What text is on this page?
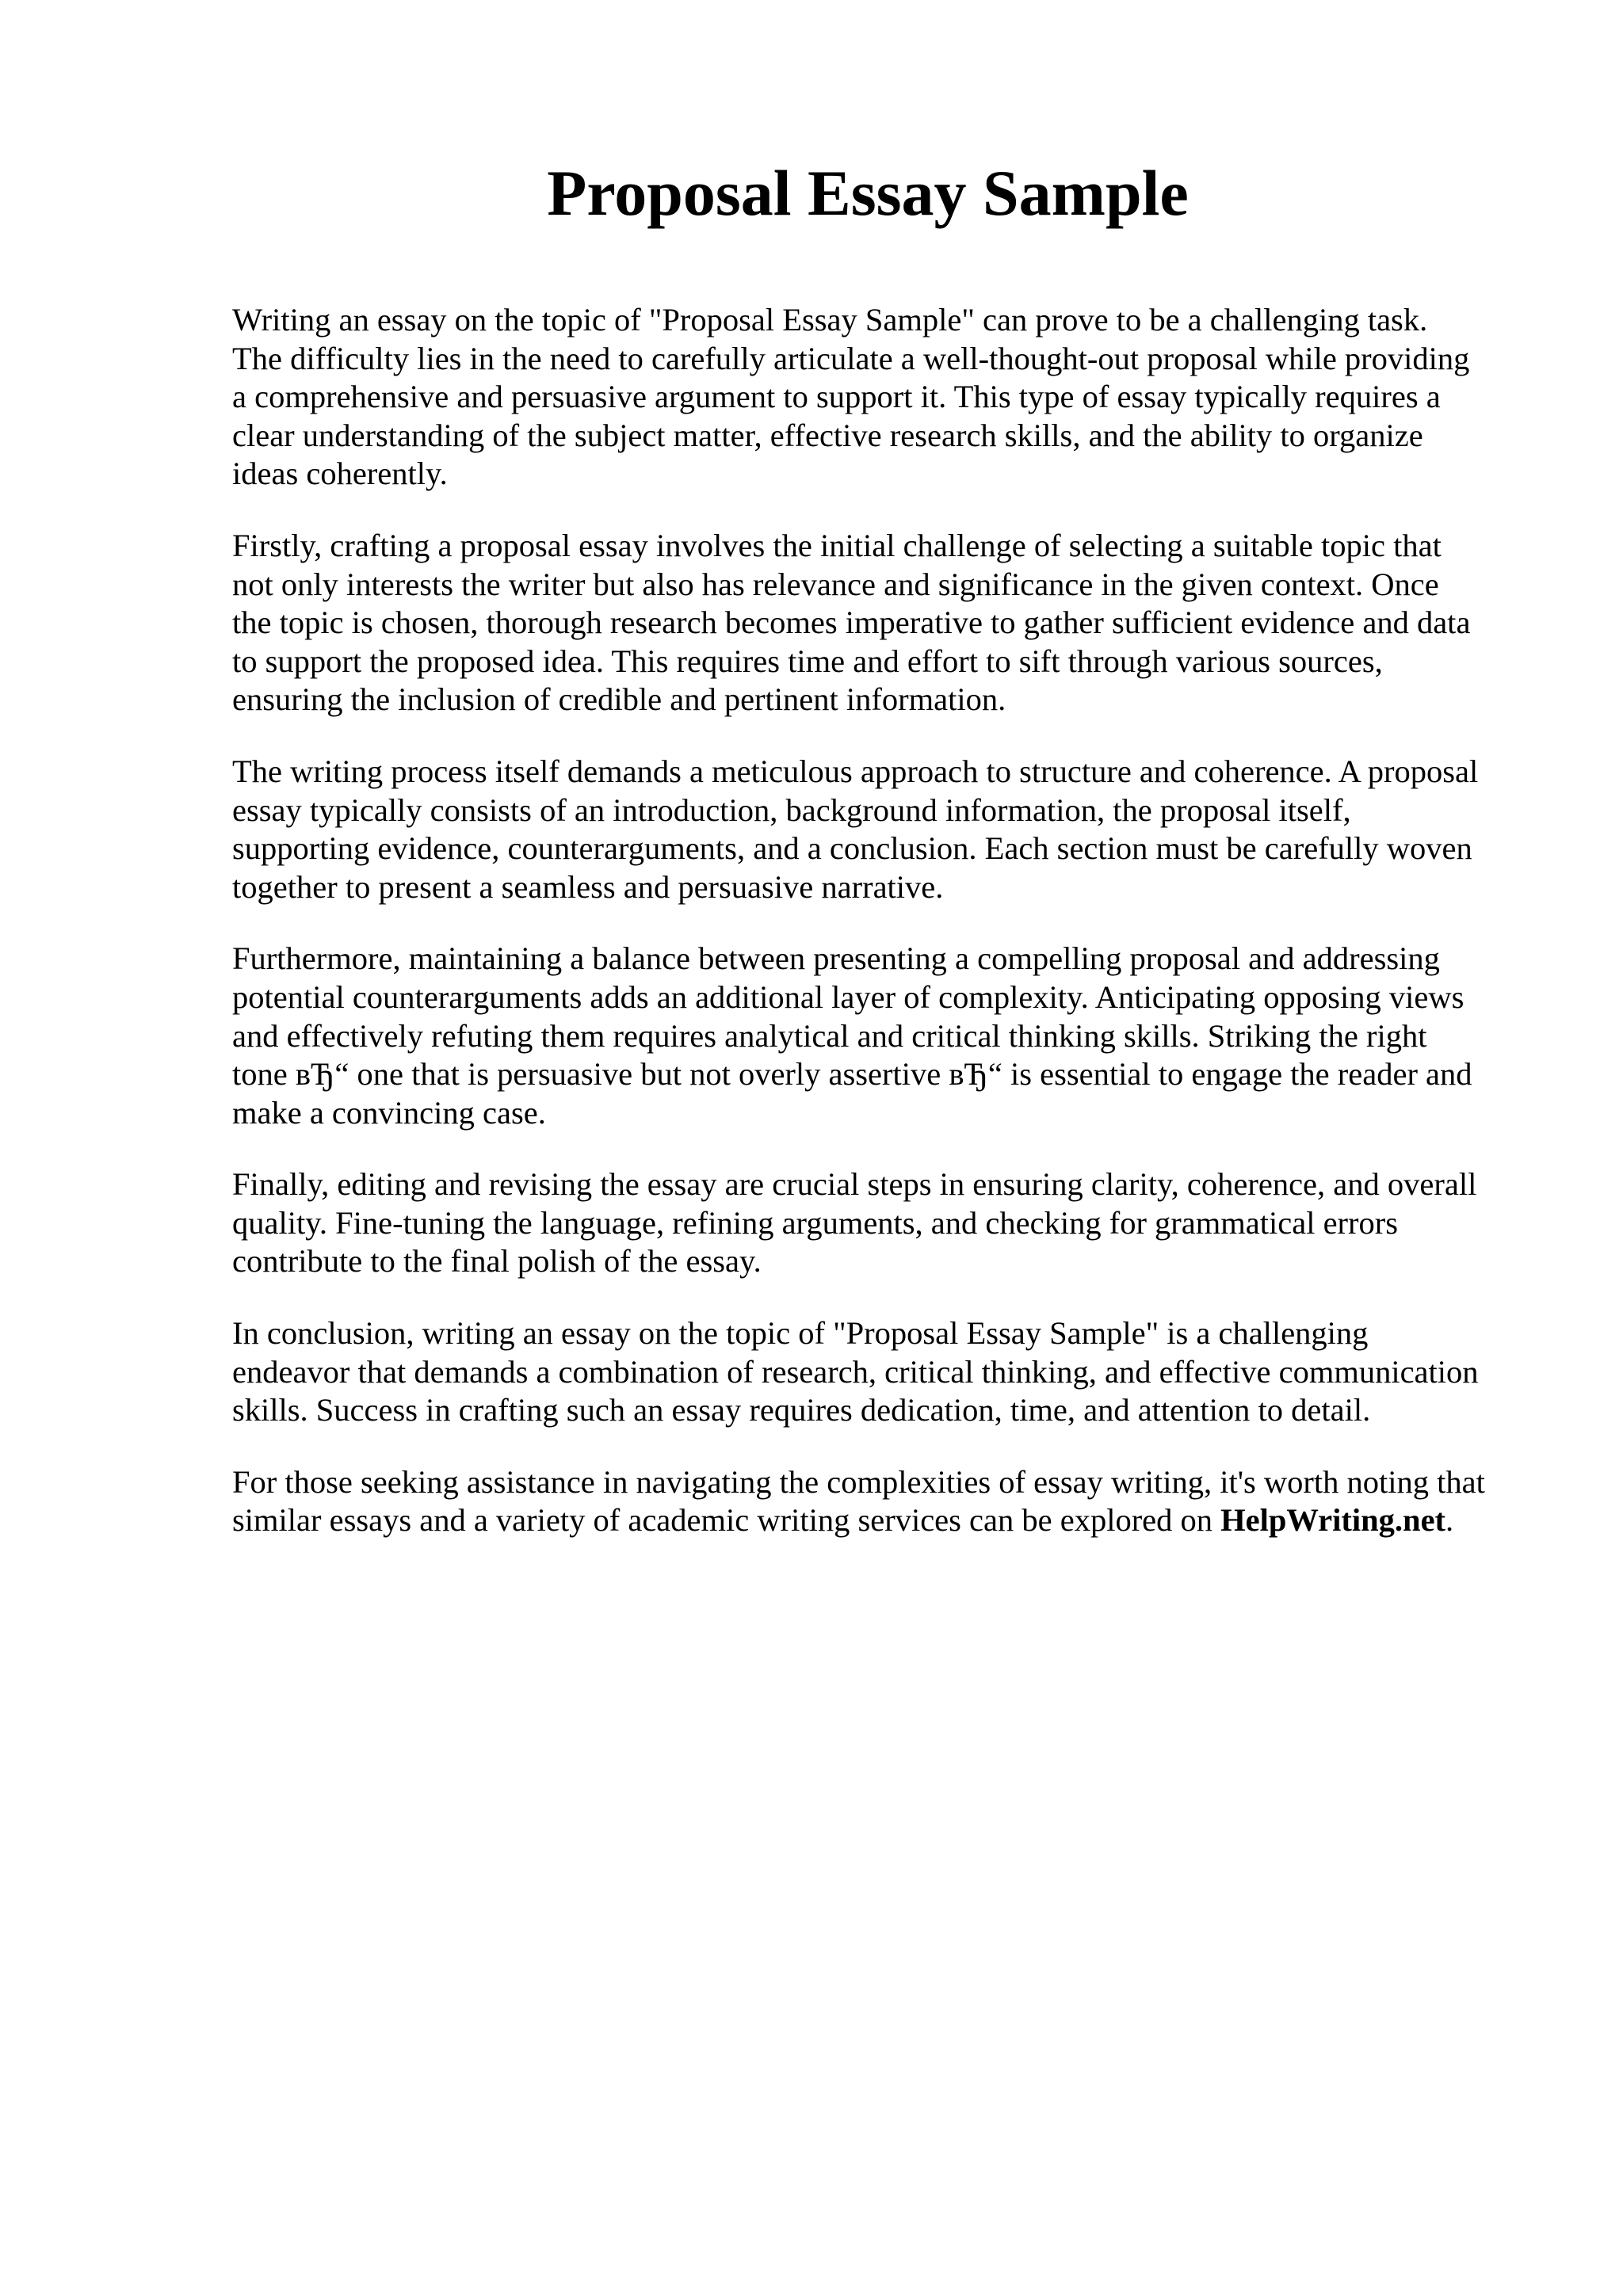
Proposal Essay Sample

Writing an essay on the topic of "Proposal Essay Sample" can prove to be a challenging task.
The difficulty lies in the need to carefully articulate a well-thought-out proposal while providing
a comprehensive and persuasive argument to support it. This type of essay typically requires a
clear understanding of the subject matter, effective research skills, and the ability to organize
ideas coherently.

Firstly, crafting a proposal essay involves the initial challenge of selecting a suitable topic that
not only interests the writer but also has relevance and significance in the given context. Once
the topic is chosen, thorough research becomes imperative to gather sufficient evidence and data
to support the proposed idea. This requires time and effort to sift through various sources,
ensuring the inclusion of credible and pertinent information.

The writing process itself demands a meticulous approach to structure and coherence. A proposal
essay typically consists of an introduction, background information, the proposal itself,
supporting evidence, counterarguments, and a conclusion. Each section must be carefully woven
together to present a seamless and persuasive narrative.

Furthermore, maintaining a balance between presenting a compelling proposal and addressing
potential counterarguments adds an additional layer of complexity. Anticipating opposing views
and effectively refuting them requires analytical and critical thinking skills. Striking the right
tone вЂ“ one that is persuasive but not overly assertive вЂ“ is essential to engage the reader and
make a convincing case.

Finally, editing and revising the essay are crucial steps in ensuring clarity, coherence, and overall
quality. Fine-tuning the language, refining arguments, and checking for grammatical errors
contribute to the final polish of the essay.

In conclusion, writing an essay on the topic of "Proposal Essay Sample" is a challenging
endeavor that demands a combination of research, critical thinking, and effective communication
skills. Success in crafting such an essay requires dedication, time, and attention to detail.

For those seeking assistance in navigating the complexities of essay writing, it's worth noting that
similar essays and a variety of academic writing services can be explored on HelpWriting.net.
